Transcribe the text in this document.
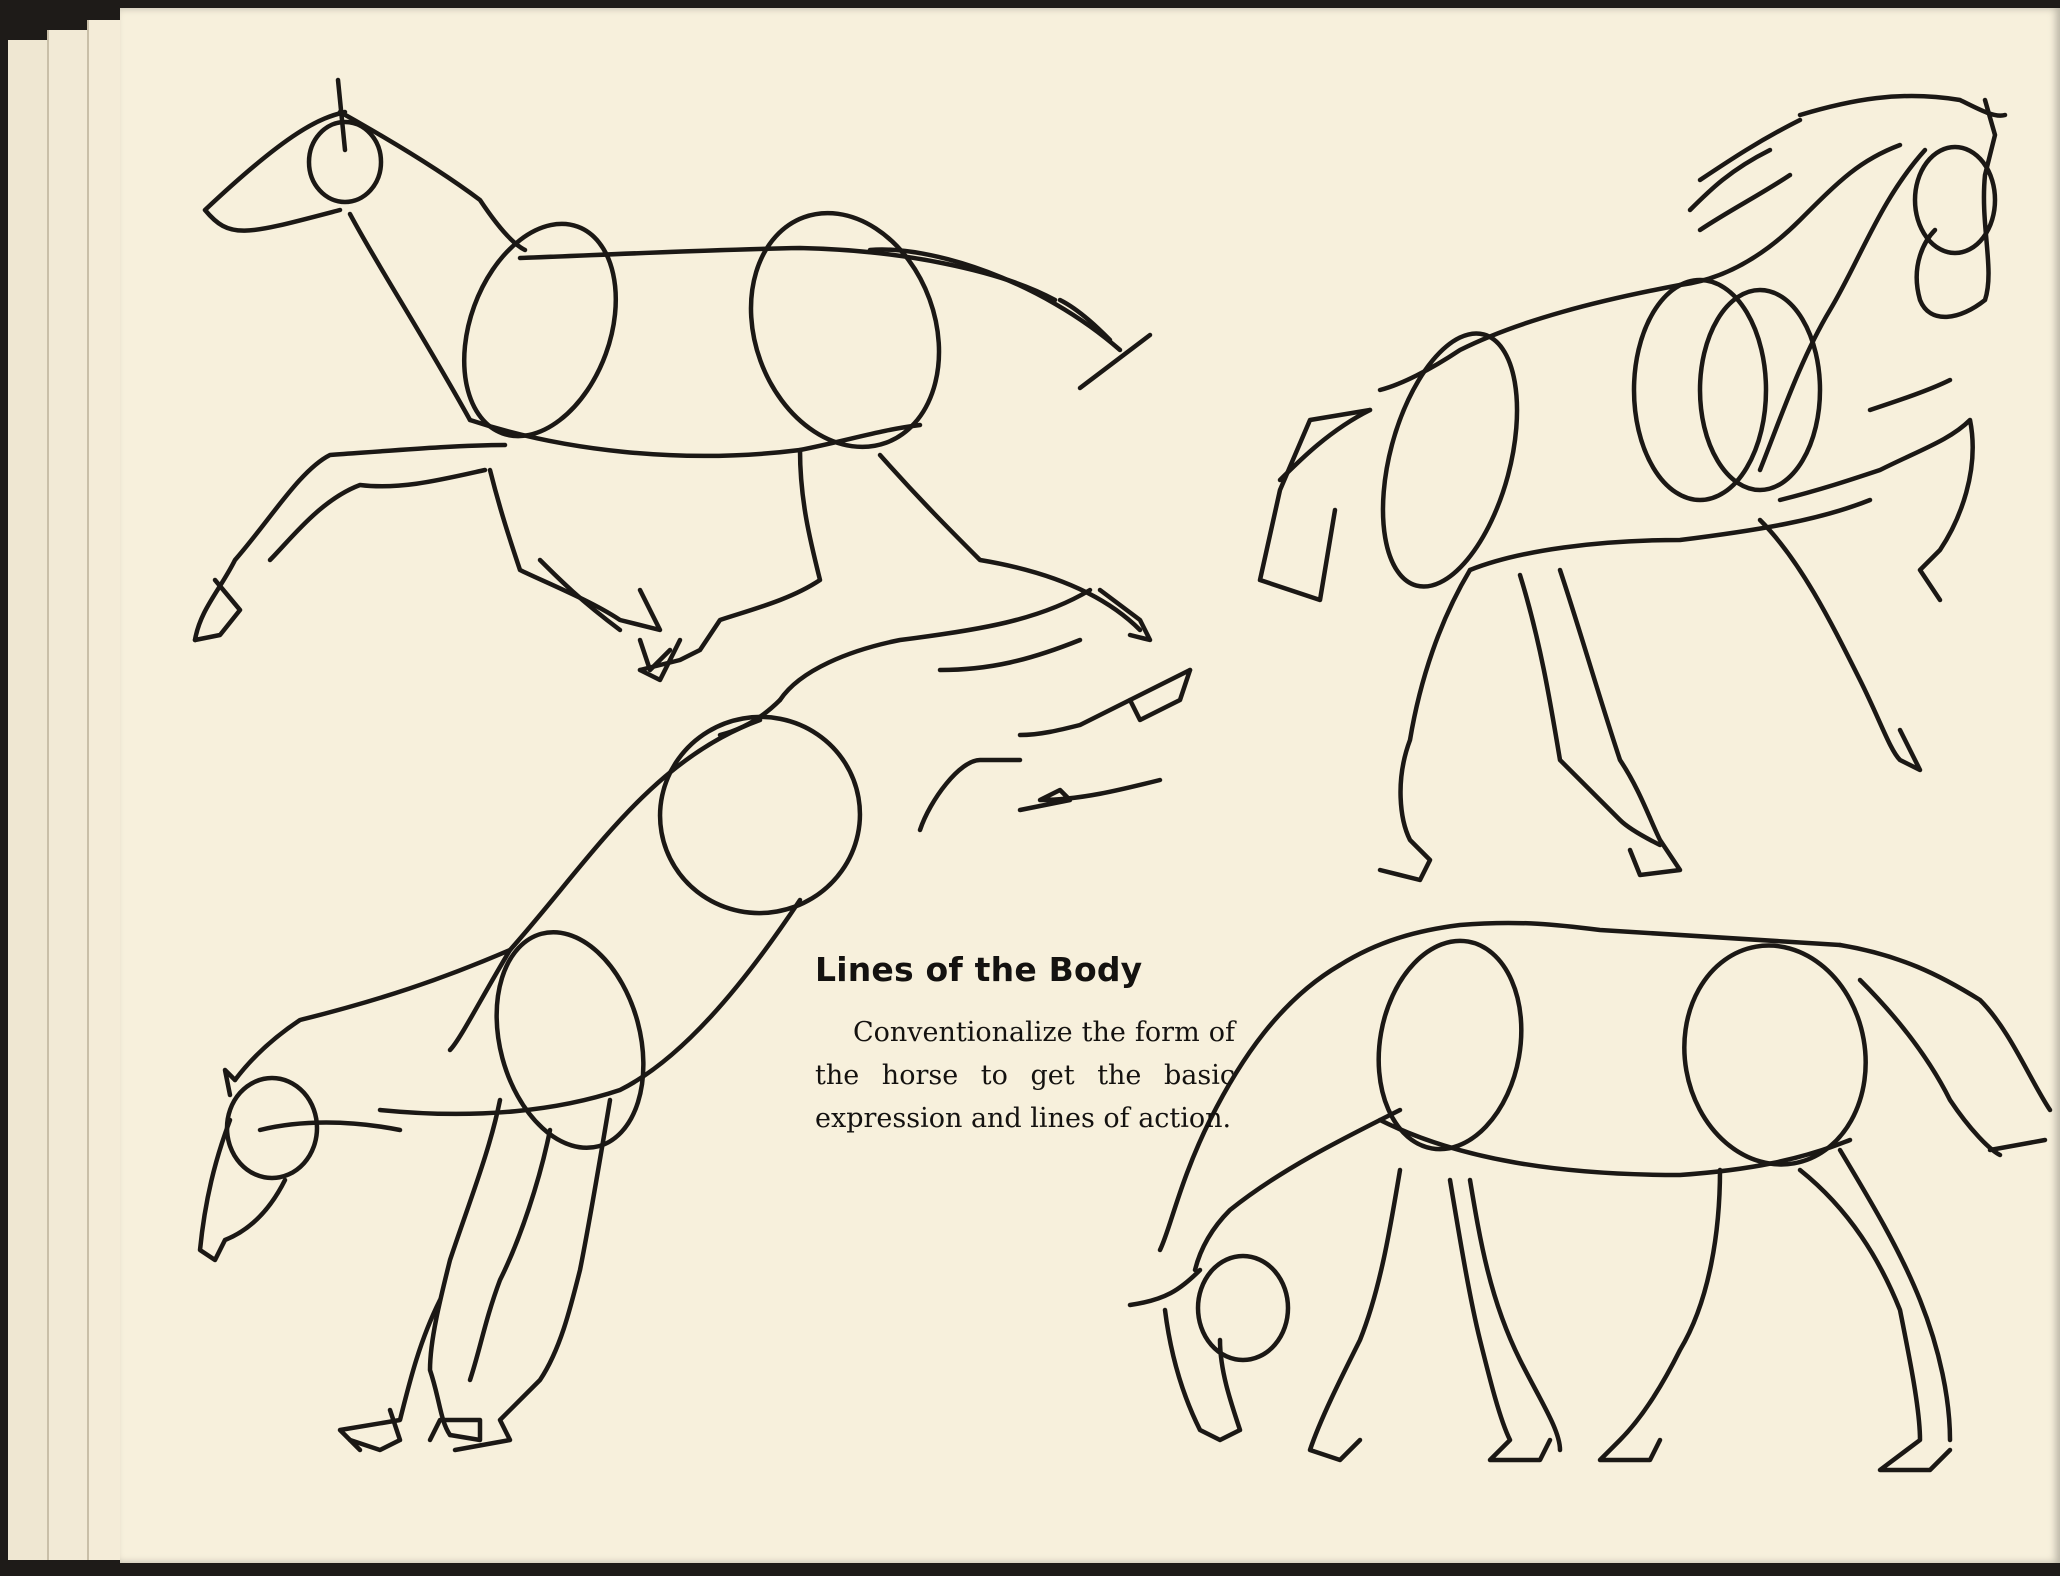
Lines of the Body

Conventionalize the form of the horse to get the basic expression and lines of action.
